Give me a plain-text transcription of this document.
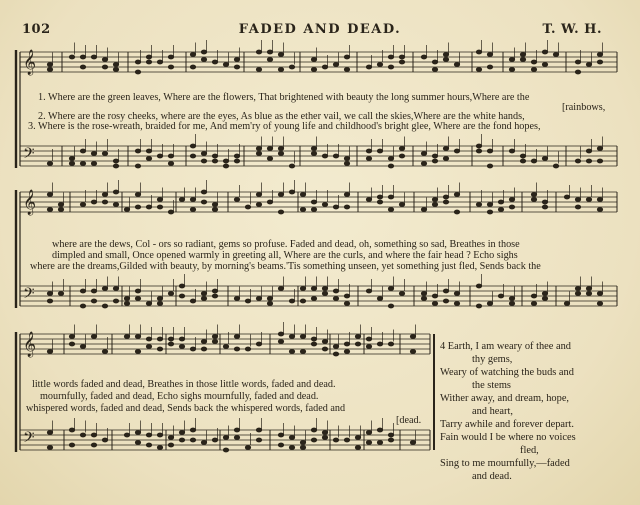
102	FADED AND DEAD.	T. W. H.
𝄞
𝄢
𝄞
𝄢
𝄞
𝄢
1. Where are the green leaves, Where are the flowers, That brightened with beauty the long summer hours,Where are the
[rainbows,
2. Where are the rosy cheeks, where are the eyes, As blue as the ether vail, we call the skies,Where are the white hands,
3. Where is the rose-wreath, braided for me, And mem'ry of young life and childhood's bright glee, Where are the fond hopes,
where are the dews, Col - ors so radiant, gems so profuse. Faded and dead, oh, something so sad, Breathes in those
dimpled and small, Once opened warmly in greeting all, Where are the curls, and where the fair head ? Echo sighs
where are the dreams,Gilded with beauty, by morning's beams.'Tis something unseen, yet something just fled, Sends back the
little words faded and dead, Breathes in those little words, faded and dead.
mournfully, faded and dead, Echo sighs mournfully, faded and dead.
whispered words, faded and dead, Sends back the whispered words, faded and
[dead.
4 Earth, I am weary of thee and
thy gems,
Weary of watching the buds and
the stems
Wither away, and dream, hope,
and heart,
Tarry awhile and forever depart.
Fain would I be where no voices
fled,
Sing to me mournfully,—faded
and dead.
